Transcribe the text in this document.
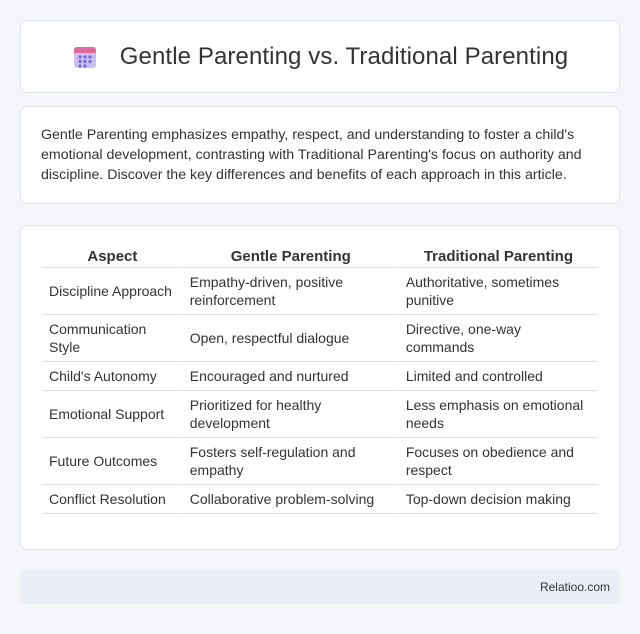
Gentle Parenting vs. Traditional Parenting

Gentle Parenting emphasizes empathy, respect, and understanding to foster a child's emotional development, contrasting with Traditional Parenting's focus on authority and discipline. Discover the key differences and benefits of each approach in this article.

Aspect	Gentle Parenting	Traditional Parenting
Discipline Approach	Empathy-driven, positive reinforcement	Authoritative, sometimes punitive
Communication Style	Open, respectful dialogue	Directive, one-way commands
Child's Autonomy	Encouraged and nurtured	Limited and controlled
Emotional Support	Prioritized for healthy development	Less emphasis on emotional needs
Future Outcomes	Fosters self-regulation and empathy	Focuses on obedience and respect
Conflict Resolution	Collaborative problem-solving	Top-down decision making
Relatioo.com
